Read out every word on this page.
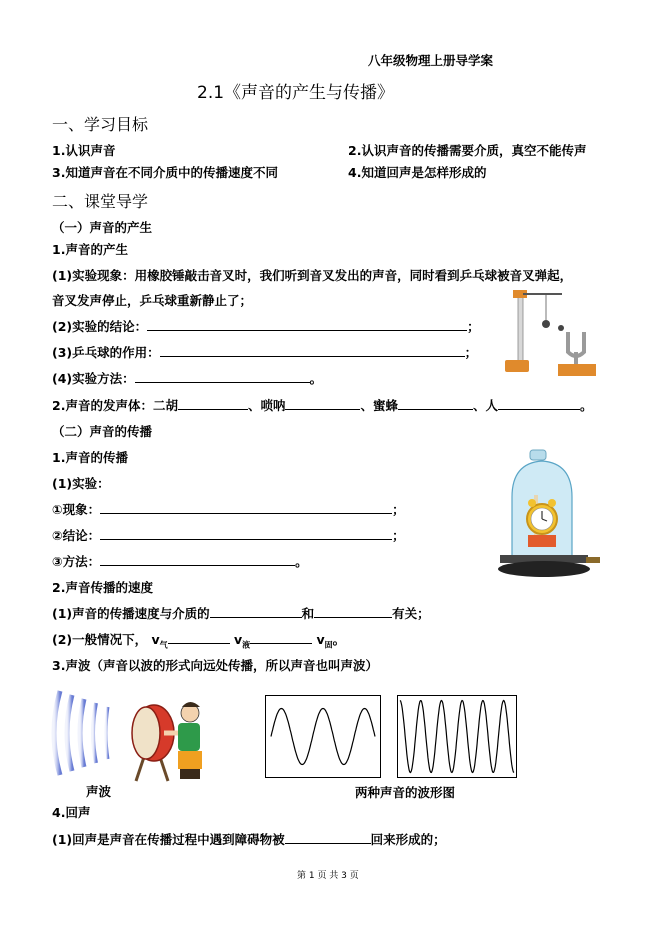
八年级物理上册导学案
2.1《声音的产生与传播》
一、学习目标
1.认识声音	2.认识声音的传播需要介质，真空不能传声
3.知道声音在不同介质中的传播速度不同	4.知道回声是怎样形成的
二、课堂导学
（一）声音的产生
1.声音的产生
(1)实验现象：用橡胶锤敲击音叉时，我们听到音叉发出的声音，同时看到乒乓球被音叉弹起，
音叉发声停止，乒乓球重新静止了；
(2)实验的结论：	；
(3)乒乓球的作用：	；
(4)实验方法：	。
2.声音的发声体：二胡	、唢呐	、蜜蜂	、人	。
（二）声音的传播
1.声音的传播
(1)实验：
①现象：	；
②结论：	；
③方法：	。
2.声音传播的速度
(1)声音的传播速度与介质的	和	有关；
(2)一般情况下， $v_气$	$v_液$	$v_固$。
3.声波（声音以波的形式向远处传播，所以声音也叫声波）
声波	两种声音的波形图
4.回声
(1)回声是声音在传播过程中遇到障碍物被	回来形成的；
第 1 页 共 3 页
